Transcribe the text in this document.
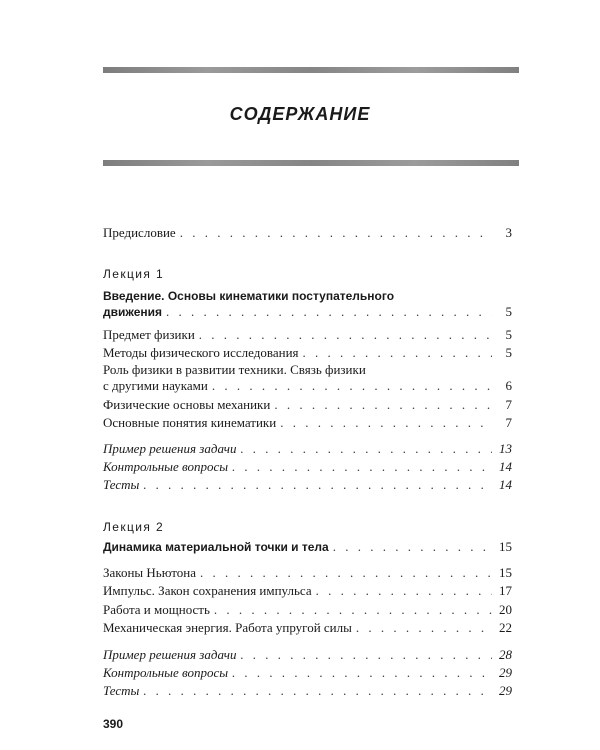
СОДЕРЖАНИЕ
Предисловие . . .	3
Лекция 1
Введение. Основы кинематики поступательного
движения . . .	5
Предмет физики . . .	5
Методы физического исследования . . .	5
Роль физики в развитии техники. Связь физики
с другими науками . . .	6
Физические основы механики . . .	7
Основные понятия кинематики . . .	7
Пример решения задачи . . .	13
Контрольные вопросы . . .	14
Тесты . . .	14
Лекция 2
Динамика материальной точки и тела . . .	15
Законы Ньютона . . .	15
Импульс. Закон сохранения импульса . . .	17
Работа и мощность . . .	20
Механическая энергия. Работа упругой силы . . .	22
Пример решения задачи . . .	28
Контрольные вопросы . . .	29
Тесты . . .	29
390
